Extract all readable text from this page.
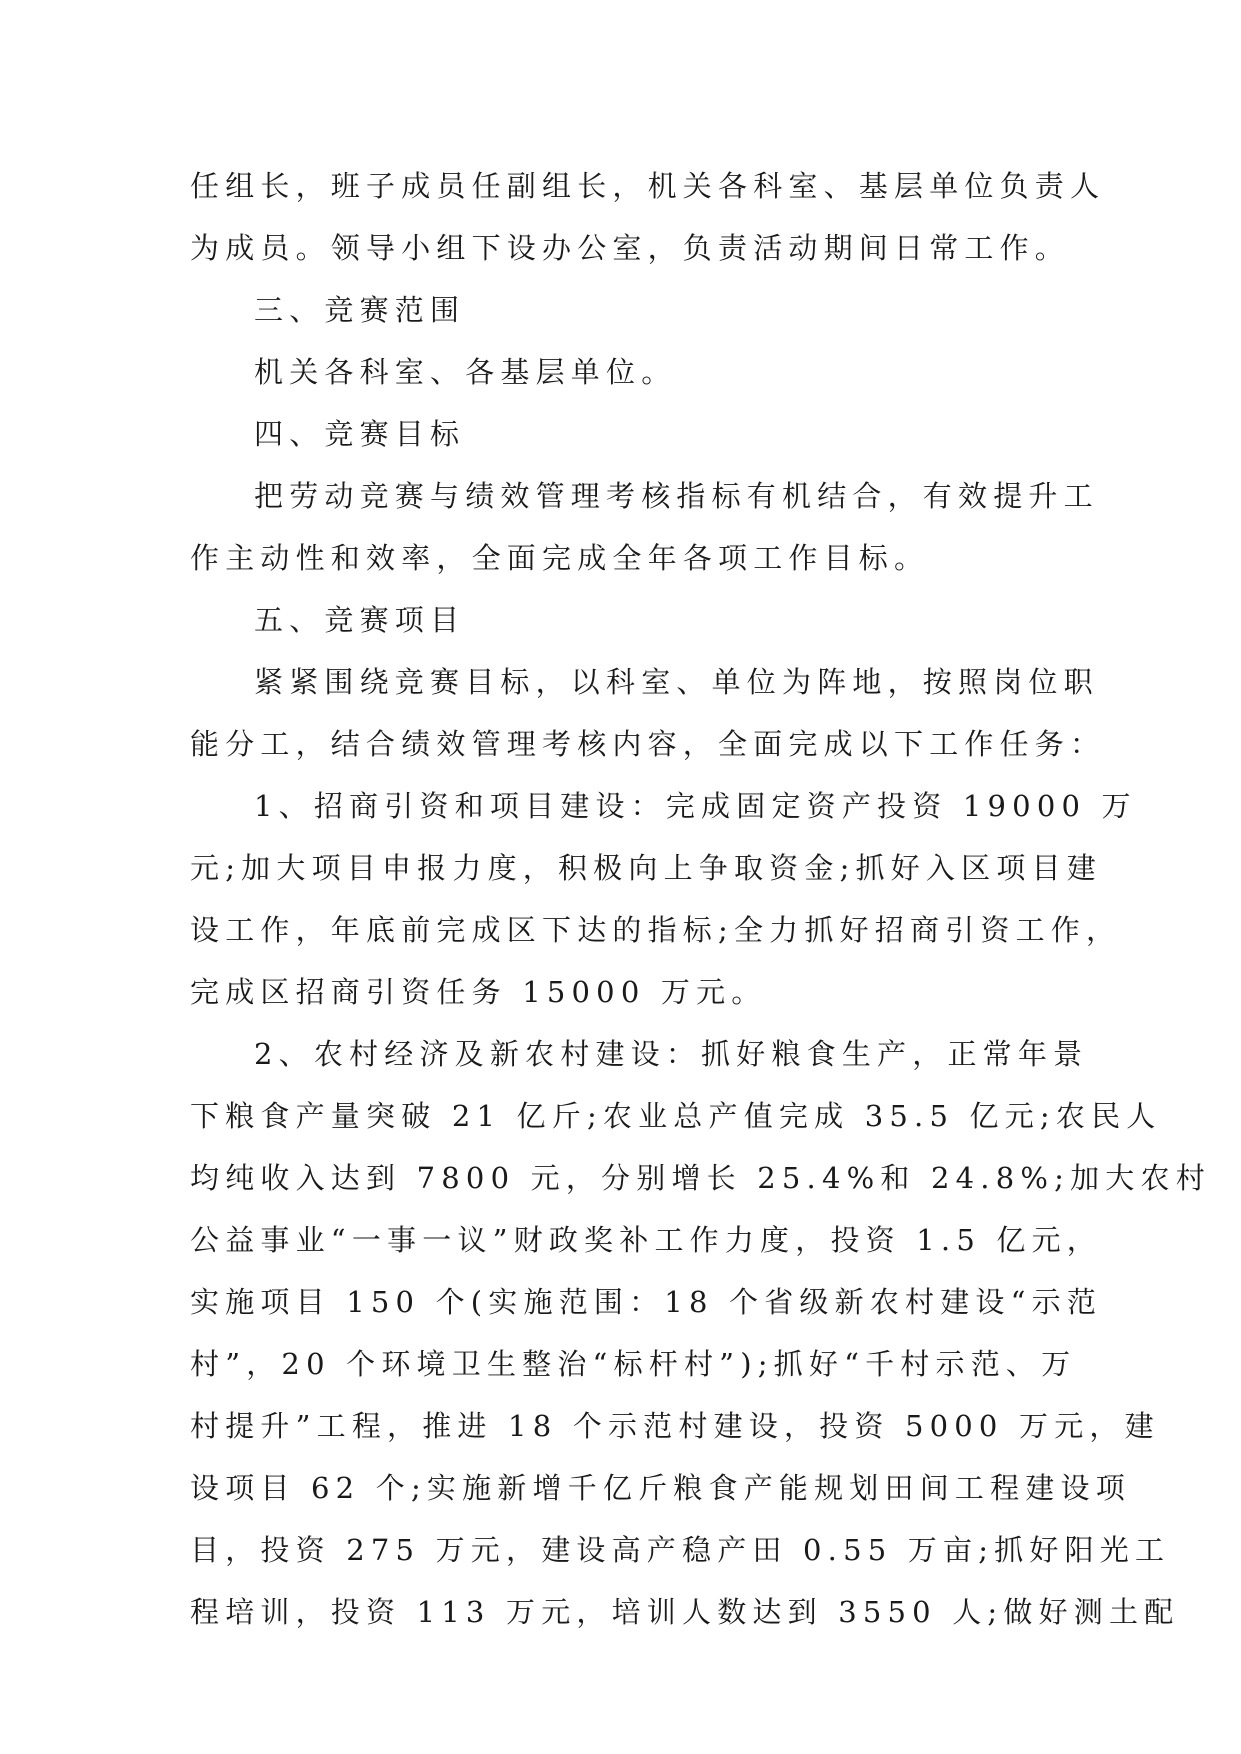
任组长，班子成员任副组长，机关各科室、基层单位负责人
为成员。领导小组下设办公室，负责活动期间日常工作。
三、竞赛范围
机关各科室、各基层单位。
四、竞赛目标
把劳动竞赛与绩效管理考核指标有机结合，有效提升工
作主动性和效率，全面完成全年各项工作目标。
五、竞赛项目
紧紧围绕竞赛目标，以科室、单位为阵地，按照岗位职
能分工，结合绩效管理考核内容，全面完成以下工作任务：
1、招商引资和项目建设：完成固定资产投资 19000 万
元;加大项目申报力度，积极向上争取资金;抓好入区项目建
设工作，年底前完成区下达的指标;全力抓好招商引资工作，
完成区招商引资任务 15000 万元。
2、农村经济及新农村建设：抓好粮食生产，正常年景
下粮食产量突破 21 亿斤;农业总产值完成 35.5 亿元;农民人
均纯收入达到 7800 元，分别增长 25.4%和 24.8%;加大农村
公益事业“一事一议”财政奖补工作力度，投资 1.5 亿元，
实施项目 150 个(实施范围：18 个省级新农村建设“示范
村”，20 个环境卫生整治“标杆村”);抓好“千村示范、万
村提升”工程，推进 18 个示范村建设，投资 5000 万元，建
设项目 62 个;实施新增千亿斤粮食产能规划田间工程建设项
目，投资 275 万元，建设高产稳产田 0.55 万亩;抓好阳光工
程培训，投资 113 万元，培训人数达到 3550 人;做好测土配
